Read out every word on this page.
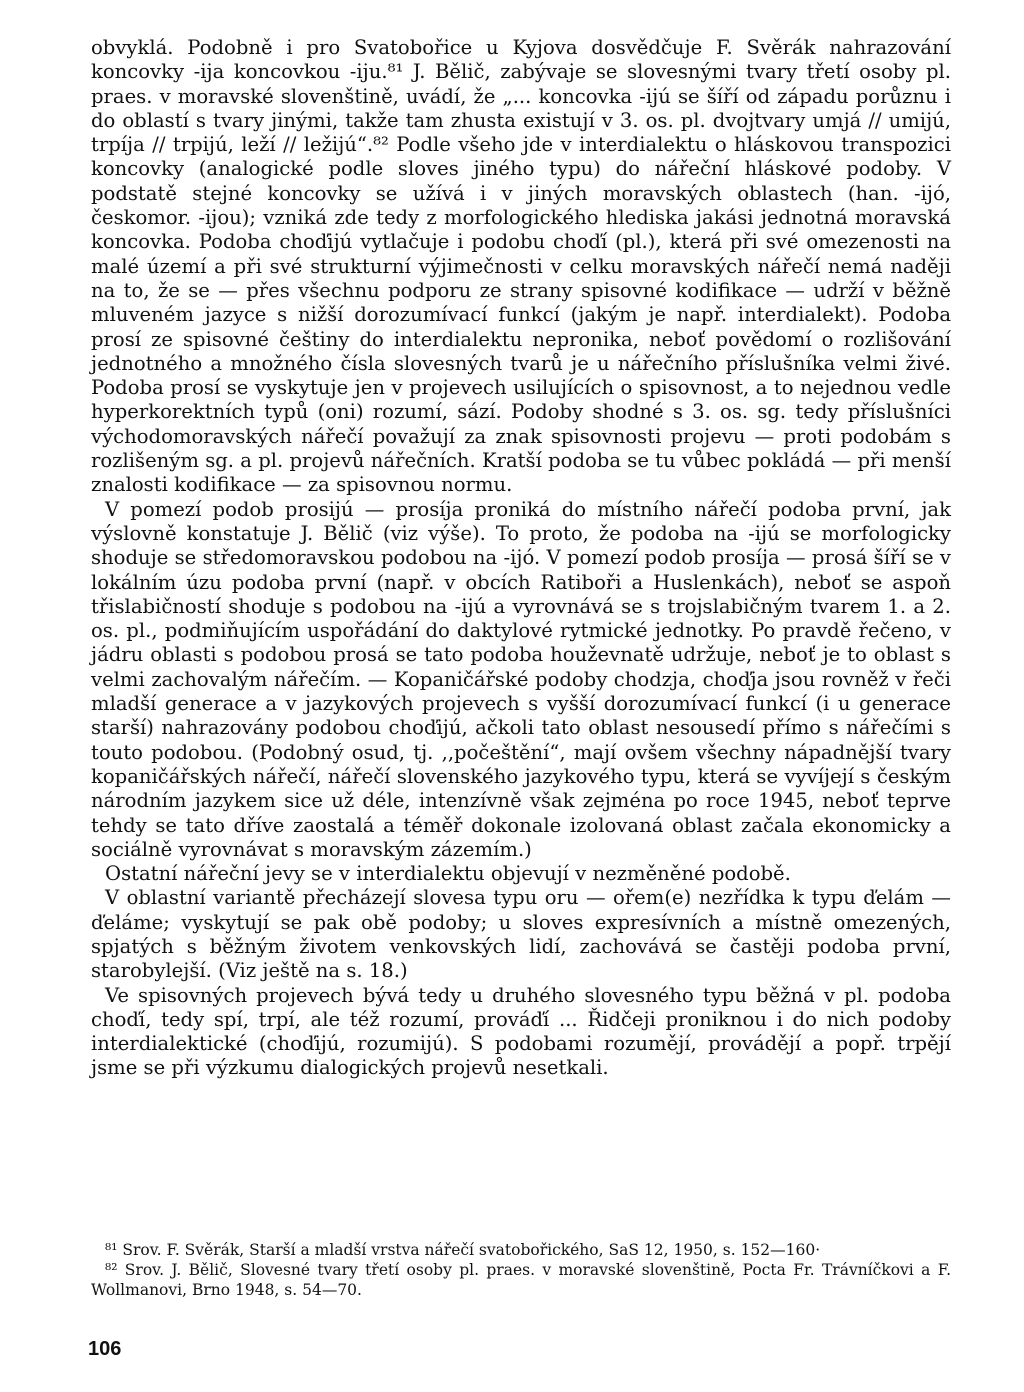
obvyklá. Podobně i pro Svatobořice u Kyjova dosvědčuje F. Svěrák nahrazování koncovky -ija koncovkou -iju.⁸¹ J. Bělič, zabývaje se slovesnými tvary třetí osoby pl. praes. v moravské slovenštině, uvádí, že „... koncovka -ijú se šíří od západu porůznu i do oblastí s tvary jinými, takže tam zhusta existují v 3. os. pl. dvojtvary umjá // umijú, trpíja // trpijú, leží // ležijú“.⁸² Podle všeho jde v interdialektu o hláskovou transpozici koncovky (analogické podle sloves jiného typu) do nářeční hláskové podoby. V podstatě stejné koncovky se užívá i v jiných moravských oblastech (han. -ijó, českomor. -ijou); vzniká zde tedy z morfologického hlediska jakási jednotná moravská koncovka. Podoba choďijú vytlačuje i podobu choďí (pl.), která při své omezenosti na malé území a při své strukturní výjimečnosti v celku moravských nářečí nemá naději na to, že se — přes všechnu podporu ze strany spisovné kodifikace — udrží v běžně mluveném jazyce s nižší dorozumívací funkcí (jakým je např. interdialekt). Podoba prosí ze spisovné češtiny do interdialektu nepronika, neboť povědomí o rozlišování jednotného a množného čísla slovesných tvarů je u nářečního příslušníka velmi živé. Podoba prosí se vyskytuje jen v projevech usilujících o spisovnost, a to nejednou vedle hyperkorektních typů (oni) rozumí, sází. Podoby shodné s 3. os. sg. tedy příslušníci východomoravských nářečí považují za znak spisovnosti projevu — proti podobám s rozlišeným sg. a pl. projevů nářečních. Kratší podoba se tu vůbec pokládá — při menší znalosti kodifikace — za spisovnou normu.

V pomezí podob prosijú — prosíja proniká do místního nářečí podoba první, jak výslovně konstatuje J. Bělič (viz výše). To proto, že podoba na -ijú se morfologicky shoduje se středomoravskou podobou na -ijó. V pomezí podob prosíja — prosá šíří se v lokálním úzu podoba první (např. v obcích Ratiboři a Huslenkách), neboť se aspoň třislabičností shoduje s podobou na -ijú a vyrovnává se s trojslabičným tvarem 1. a 2. os. pl., podmiňujícím uspořádání do daktylové rytmické jednotky. Po pravdě řečeno, v jádru oblasti s podobou prosá se tato podoba houževnatě udržuje, neboť je to oblast s velmi zachovalým nářečím. — Kopaničářské podoby chodzja, choďja jsou rovněž v řeči mladší generace a v jazykových projevech s vyšší dorozumívací funkcí (i u generace starší) nahrazovány podobou choďijú, ačkoli tato oblast nesousedí přímo s nářečími s touto podobou. (Podobný osud, tj. ,,počeštění“, mají ovšem všechny nápadnější tvary kopaničářských nářečí, nářečí slovenského jazykového typu, která se vyvíjejí s českým národním jazykem sice už déle, intenzívně však zejména po roce 1945, neboť teprve tehdy se tato dříve zaostalá a téměř dokonale izolovaná oblast začala ekonomicky a sociálně vyrovnávat s moravským zázemím.)

Ostatní nářeční jevy se v interdialektu objevují v nezměněné podobě.

V oblastní variantě přecházejí slovesa typu oru — ořem(e) nezřídka k typu ďelám — ďeláme; vyskytují se pak obě podoby; u sloves expresívních a místně omezených, spjatých s běžným životem venkovských lidí, zachovává se častěji podoba první, starobylejší. (Viz ještě na s. 18.)

Ve spisovných projevech bývá tedy u druhého slovesného typu běžná v pl. podoba choďí, tedy spí, trpí, ale též rozumí, prováďí ... Řidčeji proniknou i do nich podoby interdialektické (choďijú, rozumijú). S podobami rozuměјí, prováděјí a popř. trpějí jsme se při výzkumu dialogických projevů nesetkali.

⁸¹ Srov. F. Svěrák, Starší a mladší vrstva nářečí svatobořického, SaS 12, 1950, s. 152—160·

⁸² Srov. J. Bělič, Slovesné tvary třetí osoby pl. praes. v moravské slovenštině, Pocta Fr. Trávníčkovi a F. Wollmanovi, Brno 1948, s. 54—70.

106
